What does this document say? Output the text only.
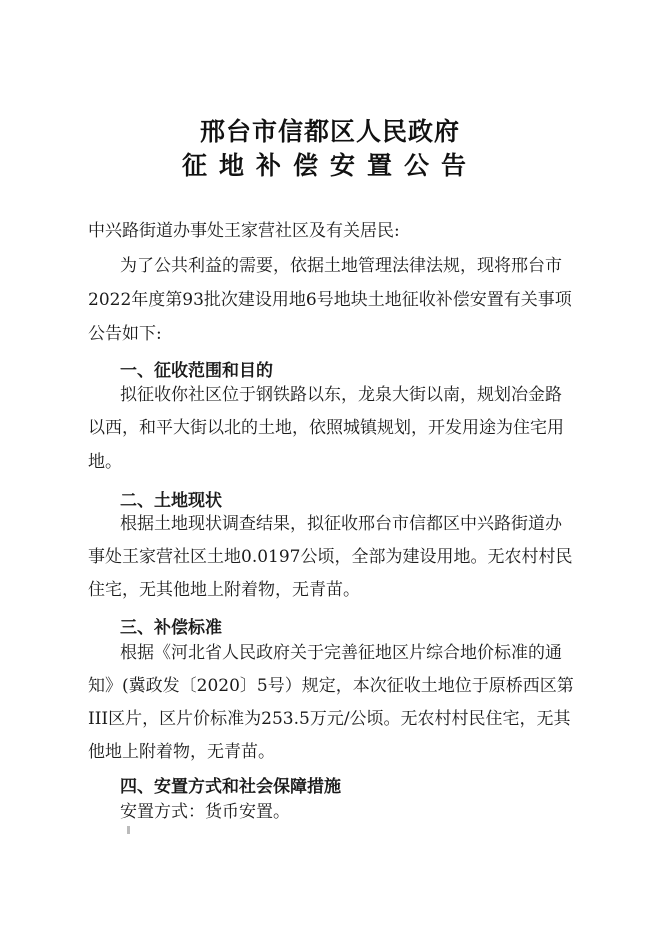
邢台市信都区人民政府
征地补偿安置公告
中兴路街道办事处王家营社区及有关居民:
为了公共利益的需要，依据土地管理法律法规，现将邢台市
2022年度第93批次建设用地6号地块土地征收补偿安置有关事项
公告如下:
一、征收范围和目的
拟征收你社区位于钢铁路以东，龙泉大街以南，规划冶金路
以西，和平大街以北的土地，依照城镇规划，开发用途为住宅用
地。
二、土地现状
根据土地现状调查结果，拟征收邢台市信都区中兴路街道办
事处王家营社区土地0.0197公顷，全部为建设用地。无农村村民
住宅，无其他地上附着物，无青苗。
三、补偿标准
根据《河北省人民政府关于完善征地区片综合地价标准的通
知》(冀政发〔2020〕5号）规定，本次征收土地位于原桥西区第
III区片，区片价标准为253.5万元/公顷。无农村村民住宅，无其
他地上附着物，无青苗。
四、安置方式和社会保障措施
安置方式：货币安置。
